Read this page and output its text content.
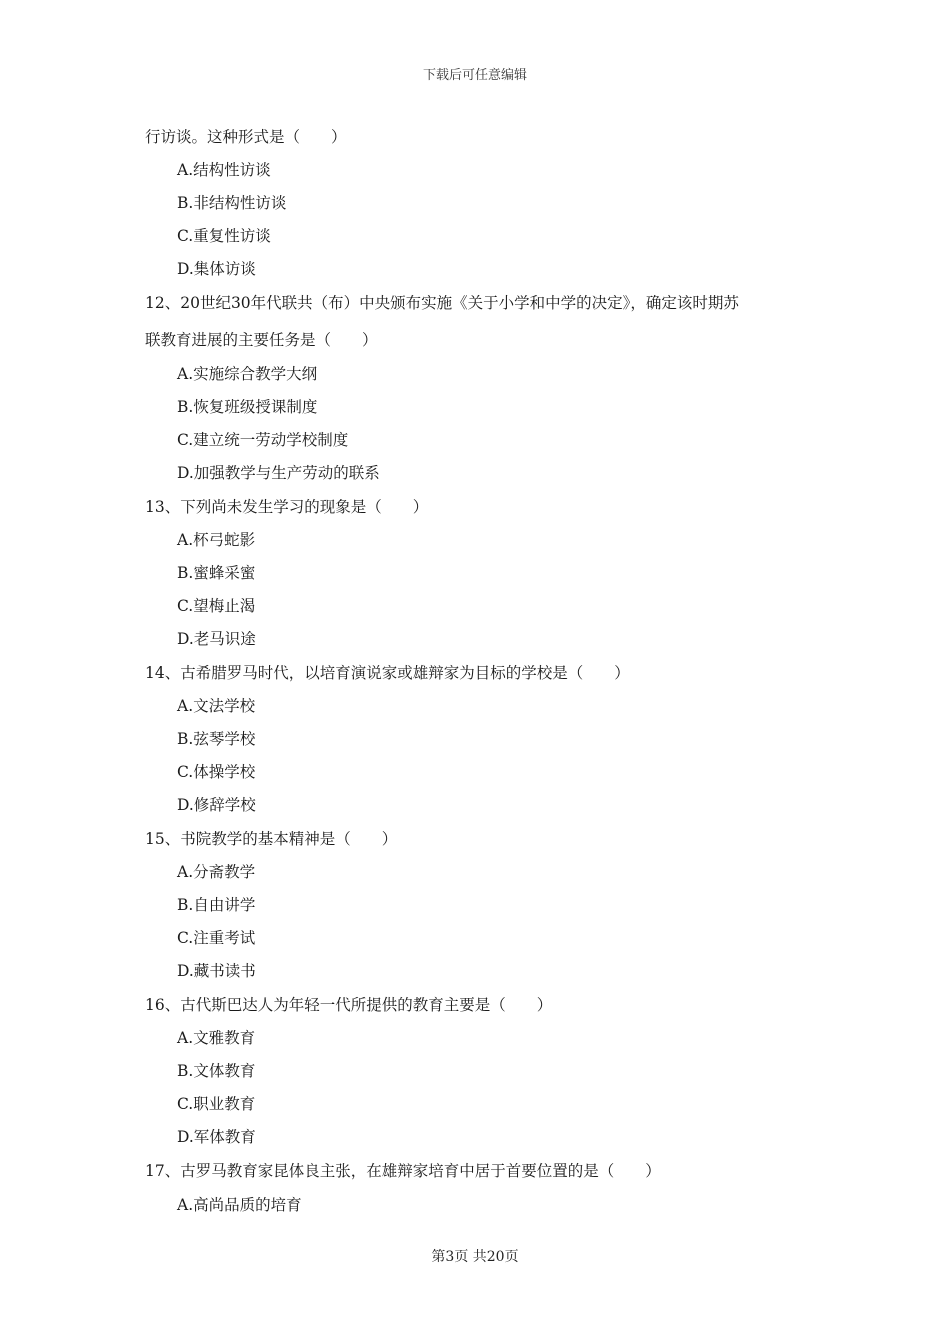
下载后可任意编辑
行访谈。这种形式是（　　）
A.结构性访谈
B.非结构性访谈
C.重复性访谈
D.集体访谈
12、20世纪30年代联共（布）中央颁布实施《关于小学和中学的决定》，确定该时期苏
联教育进展的主要任务是（　　）
A.实施综合教学大纲
B.恢复班级授课制度
C.建立统一劳动学校制度
D.加强教学与生产劳动的联系
13、下列尚未发生学习的现象是（　　）
A.杯弓蛇影
B.蜜蜂采蜜
C.望梅止渴
D.老马识途
14、古希腊罗马时代，以培育演说家或雄辩家为目标的学校是（　　）
A.文法学校
B.弦琴学校
C.体操学校
D.修辞学校
15、书院教学的基本精神是（　　）
A.分斋教学
B.自由讲学
C.注重考试
D.藏书读书
16、古代斯巴达人为年轻一代所提供的教育主要是（　　）
A.文雅教育
B.文体教育
C.职业教育
D.军体教育
17、古罗马教育家昆体良主张，在雄辩家培育中居于首要位置的是（　　）
A.高尚品质的培育
第3页 共20页
